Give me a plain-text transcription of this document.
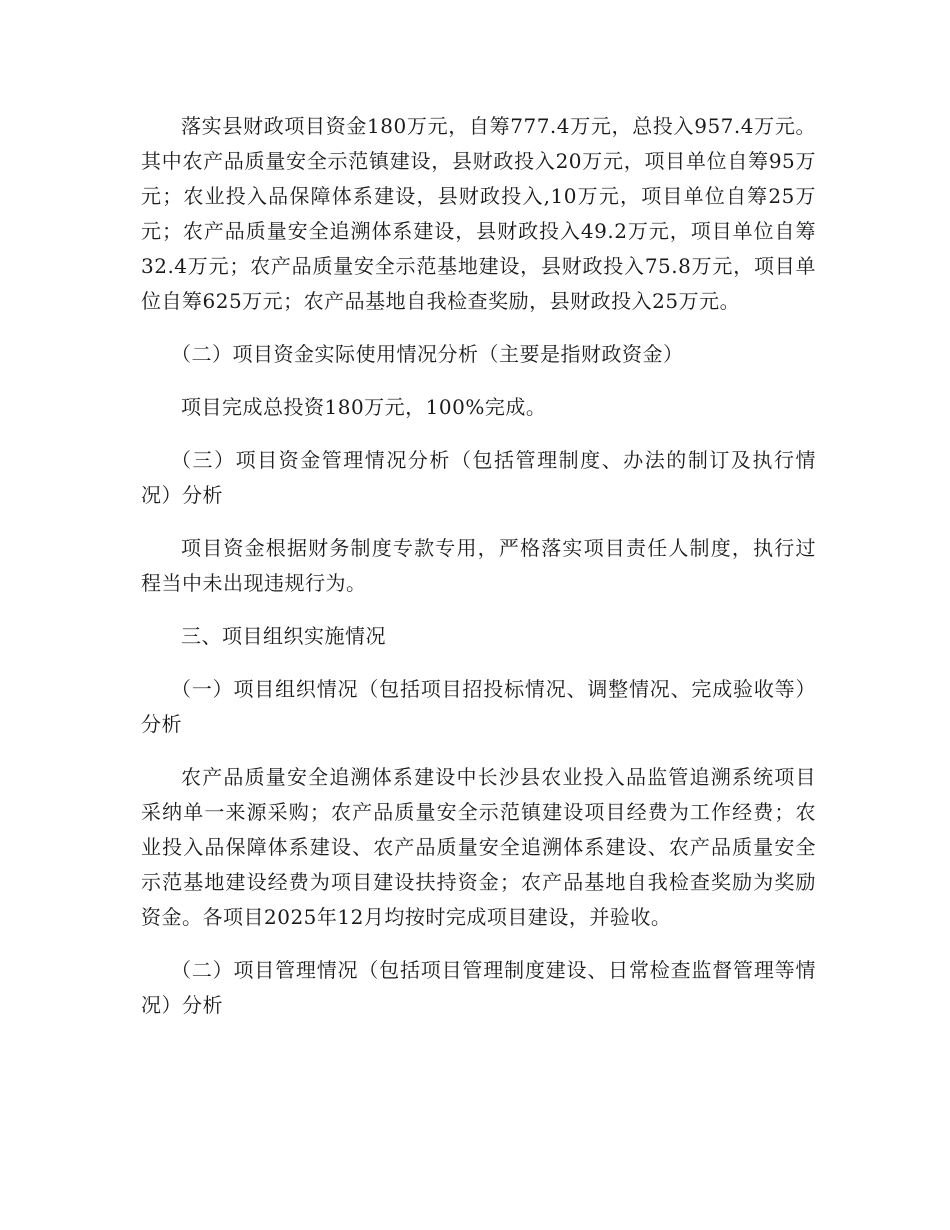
落实县财政项目资金180万元，自筹777.4万元，总投入957.4万元。其中农产品质量安全示范镇建设，县财政投入20万元，项目单位自筹95万元；农业投入品保障体系建设，县财政投入,10万元，项目单位自筹25万元；农产品质量安全追溯体系建设，县财政投入49.2万元，项目单位自筹32.4万元；农产品质量安全示范基地建设，县财政投入75.8万元，项目单位自筹625万元；农产品基地自我检查奖励，县财政投入25万元。

（二）项目资金实际使用情况分析（主要是指财政资金）

项目完成总投资180万元，100%完成。

（三）项目资金管理情况分析（包括管理制度、办法的制订及执行情况）分析

项目资金根据财务制度专款专用，严格落实项目责任人制度，执行过程当中未出现违规行为。

三、项目组织实施情况

（一）项目组织情况（包括项目招投标情况、调整情况、完成验收等）分析

农产品质量安全追溯体系建设中长沙县农业投入品监管追溯系统项目采纳单一来源采购；农产品质量安全示范镇建设项目经费为工作经费；农业投入品保障体系建设、农产品质量安全追溯体系建设、农产品质量安全示范基地建设经费为项目建设扶持资金；农产品基地自我检查奖励为奖励资金。各项目2025年12月均按时完成项目建设，并验收。

（二）项目管理情况（包括项目管理制度建设、日常检查监督管理等情况）分析
